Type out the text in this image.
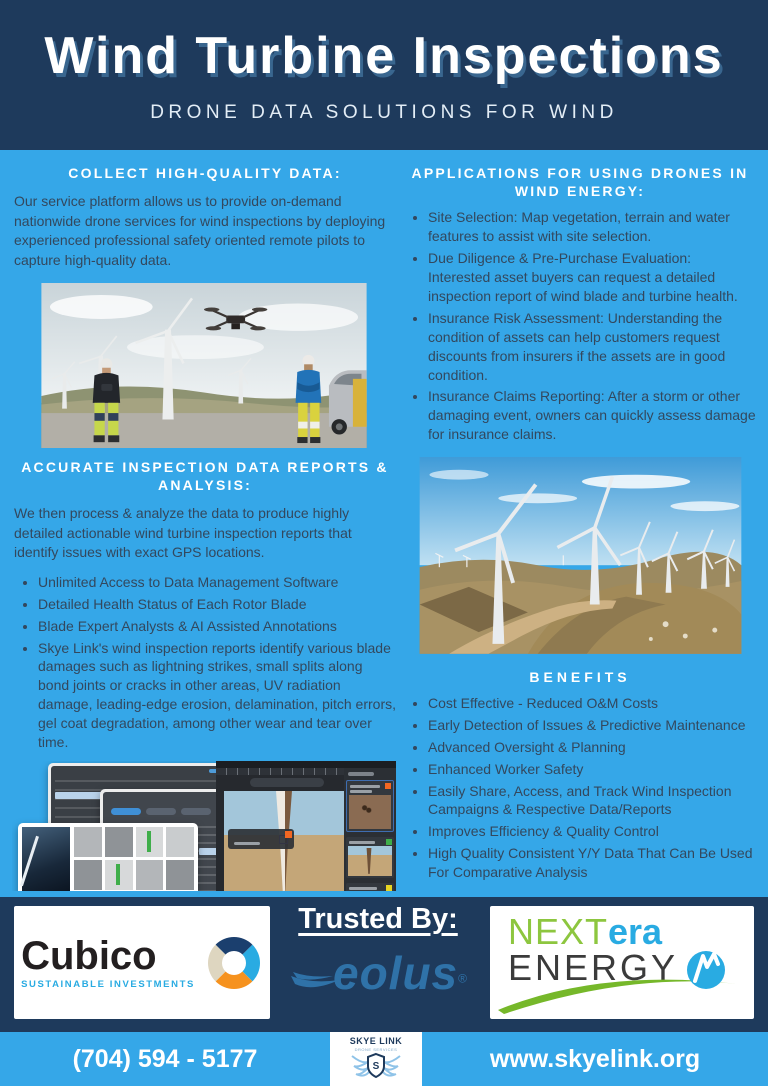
Wind Turbine Inspections
DRONE DATA SOLUTIONS FOR WIND
COLLECT HIGH-QUALITY DATA:

Our service platform allows us to provide on-demand nationwide drone services for wind inspections by deploying experienced professional safety oriented remote pilots to capture high-quality data.

ACCURATE INSPECTION DATA REPORTS & ANALYSIS:

We then process & analyze the data to produce highly detailed actionable wind turbine inspection reports that identify issues with exact GPS locations.

• Unlimited Access to Data Management Software
• Detailed Health Status of Each Rotor Blade
• Blade Expert Analysts & AI Assisted Annotations
• Skye Link's wind inspection reports identify various blade damages such as lightning strikes, small splits along bond joints or cracks in other areas, UV radiation damage, leading-edge erosion, delamination, pitch errors, gel coat degradation, among other wear and tear over time.
APPLICATIONS FOR USING DRONES IN WIND ENERGY:
• Site Selection: Map vegetation, terrain and water features to assist with site selection.
• Due Diligence & Pre-Purchase Evaluation: Interested asset buyers can request a detailed inspection report of wind blade and turbine health.
• Insurance Risk Assessment: Understanding the condition of assets can help customers request discounts from insurers if the assets are in good condition.
• Insurance Claims Reporting: After a storm or other damaging event, owners can quickly assess damage for insurance claims.
BENEFITS
• Cost Effective - Reduced O&M Costs
• Early Detection of Issues & Predictive Maintenance
• Advanced Oversight & Planning
• Enhanced Worker Safety
• Easily Share, Access, and Track Wind Inspection Campaigns & Respective Data/Reports
• Improves Efficiency & Quality Control
• High Quality Consistent Y/Y Data That Can Be Used For Comparative Analysis
Cubico
SUSTAINABLE INVESTMENTS
Trusted By: eolus®
NEXTera
ENERGY
(704) 594 - 5177
SKYE LINK
DRONE SERVICES
S	www.skyelink.org
